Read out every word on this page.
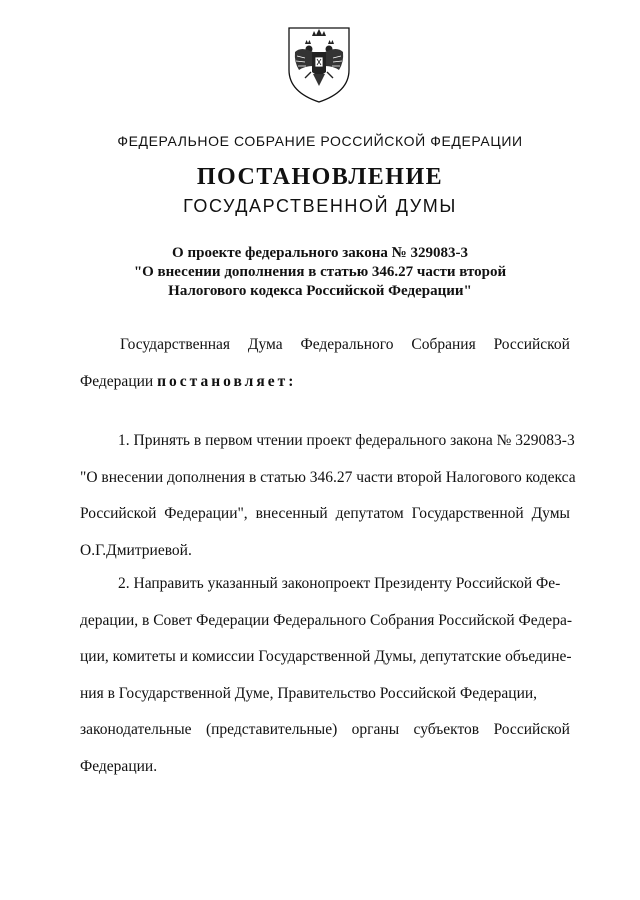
ФЕДЕРАЛЬНОЕ СОБРАНИЕ РОССИЙСКОЙ ФЕДЕРАЦИИ
ПОСТАНОВЛЕНИЕ
ГОСУДАРСТВЕННОЙ ДУМЫ
О проекте федерального закона № 329083-3
"О внесении дополнения в статью 346.27 части второй
Налогового кодекса Российской Федерации"
Государственная Дума Федерального Собрания Российской
Федерации постановляет:
1. Принять в первом чтении проект федерального закона № 329083-3
"О внесении дополнения в статью 346.27 части второй Налогового кодекса
Российской Федерации", внесенный депутатом Государственной Думы
О.Г.Дмитриевой.
2. Направить указанный законопроект Президенту Российской Фе-
дерации, в Совет Федерации Федерального Собрания Российской Федера-
ции, комитеты и комиссии Государственной Думы, депутатские объедине-
ния в Государственной Думе, Правительство Российской Федерации,
законодательные (представительные) органы субъектов Российской
Федерации.
